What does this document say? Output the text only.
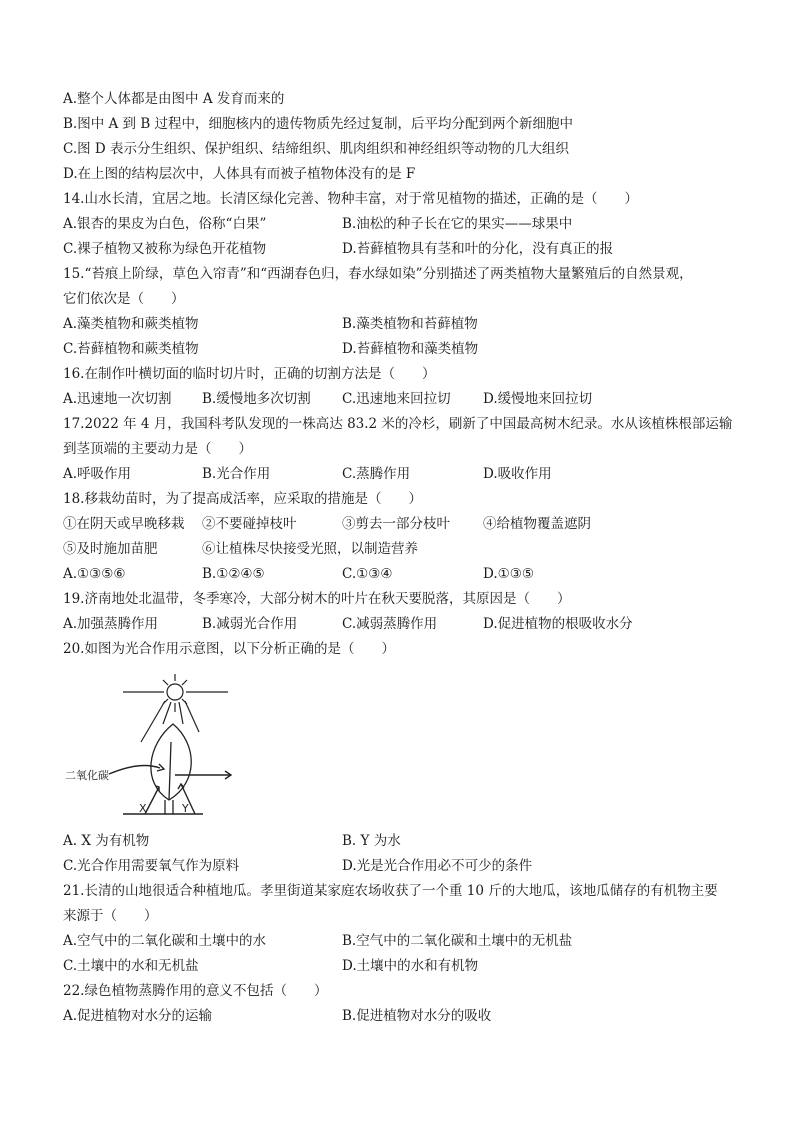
A.整个人体都是由图中 A 发育而来的
B.图中 A 到 B 过程中，细胞核内的遗传物质先经过复制，后平均分配到两个新细胞中
C.图 D 表示分生组织、保护组织、结缔组织、肌肉组织和神经组织等动物的几大组织
D.在上图的结构层次中，人体具有而被子植物体没有的是 F
14.山水长清，宜居之地。长清区绿化完善、物种丰富，对于常见植物的描述，正确的是（　　）
A.银杏的果皮为白色，俗称“白果”	B.油松的种子长在它的果实——球果中
C.裸子植物又被称为绿色开花植物	D.苔藓植物具有茎和叶的分化，没有真正的报
15.“苔痕上阶绿，草色入帘青”和“西湖春色归，春水绿如染”分别描述了两类植物大量繁殖后的自然景观，
它们依次是（　　）
A.藻类植物和蕨类植物	B.藻类植物和苔藓植物
C.苔藓植物和蕨类植物	D.苔藓植物和藻类植物
16.在制作叶横切面的临时切片时，正确的切割方法是（　　）
A.迅速地一次切割 B.缓慢地多次切割 C.迅速地来回拉切 D.缓慢地来回拉切
17.2022 年 4 月，我国科考队发现的一株高达 83.2 米的冷杉，刷新了中国最高树木纪录。水从该植株根部运输
到茎顶端的主要动力是（　　）
A.呼吸作用	B.光合作用	C.蒸腾作用	D.吸收作用
18.移栽幼苗时，为了提高成活率，应采取的措施是（　　）
①在阴天或早晚移栽 ②不要碰掉枝叶	③剪去一部分枝叶 ④给植物覆盖遮阴
⑤及时施加苗肥	⑥让植株尽快接受光照，以制造营养
A.①③⑤⑥	B.①②④⑤	C.①③④	D.①③⑤
19.济南地处北温带，冬季寒冷，大部分树木的叶片在秋天要脱落，其原因是（　　）
A.加强蒸腾作用	B.减弱光合作用	C.减弱蒸腾作用	D.促进植物的根吸收水分
20.如图为光合作用示意图，以下分析正确的是（　　）
二氧化碳
X	Y
A. X 为有机物	B. Y 为水
C.光合作用需要氧气作为原料	D.光是光合作用必不可少的条件
21.长清的山地很适合种植地瓜。孝里街道某家庭农场收获了一个重 10 斤的大地瓜，该地瓜储存的有机物主要
来源于（　　）
A.空气中的二氧化碳和土壤中的水	B.空气中的二氧化碳和土壤中的无机盐
C.土壤中的水和无机盐	D.土壤中的水和有机物
22.绿色植物蒸腾作用的意义不包括（　　）
A.促进植物对水分的运输	B.促进植物对水分的吸收
